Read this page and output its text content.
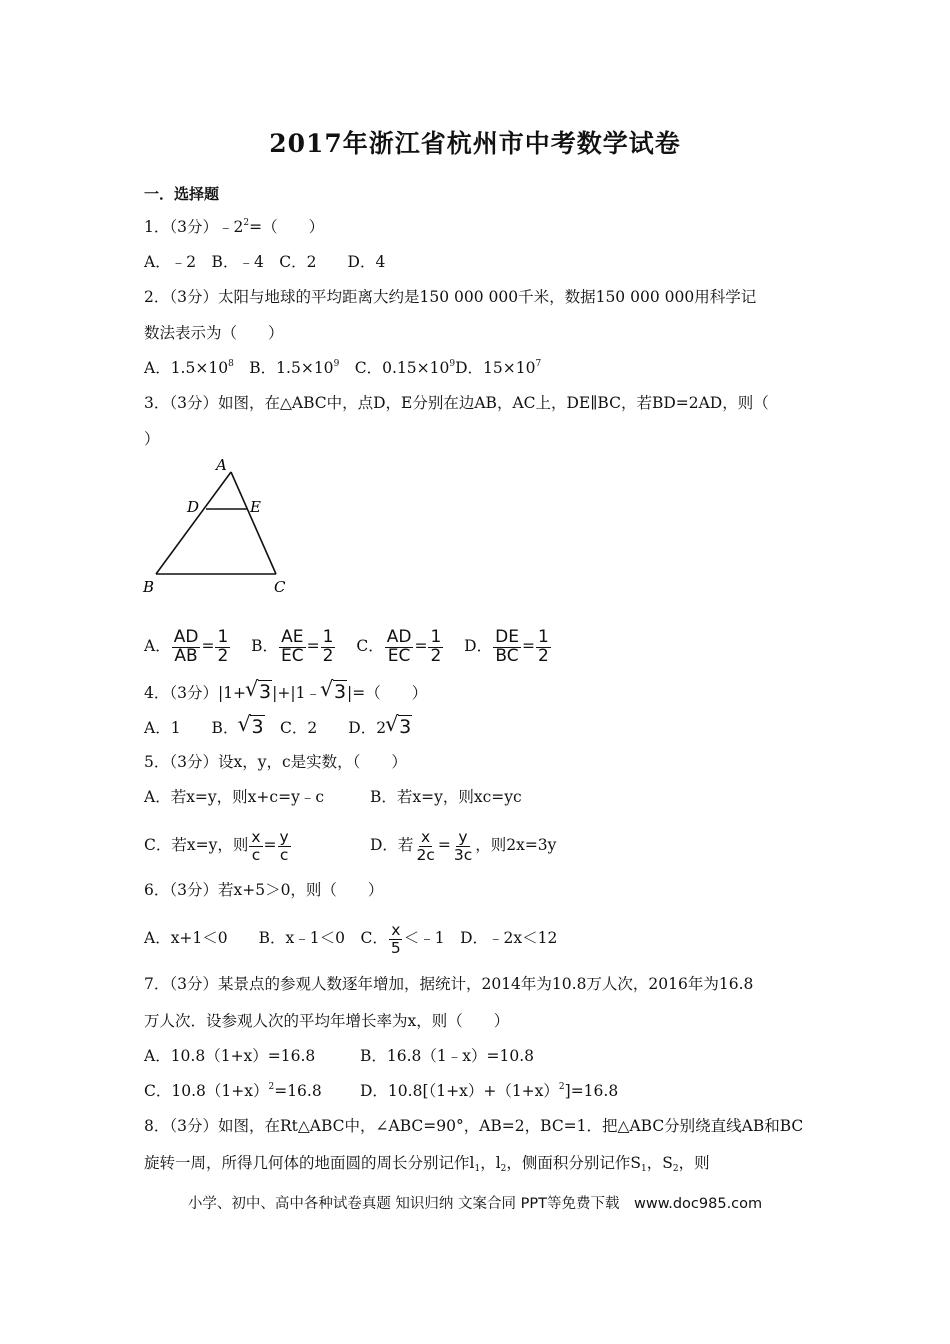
2017年浙江省杭州市中考数学试卷
一．选择题
1．（3分）$﹣2^2=$（　　）
A．﹣2　B．﹣4　C．2　　D．4
2．（3分）太阳与地球的平均距离大约是150 000 000千米，数据150 000 000用科学记
数法表示为（　　）
A．$1.5\times 10^8$　B．$1.5\times 10^9$　C．$0.15\times 10^9D$．$15\times 10^7$
3．（3分）如图，在△ABC中，点D，E分别在边AB，AC上，DE∥BC，若BD=2AD，则（
）
A
D	E
B	C
A． $\frac{AD}{AB} = \frac{1}{2}$ B． $\frac{AE}{EC} = \frac{1}{2}$ C． $\frac{AD}{EC} = \frac{1}{2}$ D． $\frac{DE}{BC} = \frac{1}{2}$
4．（3分）|1+ √ 3|+|1﹣ √ 3|=（　　）
A．1　　B． √ 3　C．2　　D．2 √ 3
5．（3分）设x，y，c是实数，（　　）
A．若x=y，则x+c=y﹣c	B．若x=y，则xc=yc
C．若x=y，则 $\frac{x}{c} = \frac{y}{c}$	D．若 $\frac{x}{2c} = \frac{y}{3c}$ ，则2x=3y
6．（3分）若x+5＞0，则（　　）
A．x+1＜0　　B．x﹣1＜0　C． $\frac{x}{5}$ ＜﹣1　D．﹣2x＜12
7．（3分）某景点的参观人数逐年增加，据统计，2014年为10.8万人次，2016年为16.8
万人次．设参观人次的平均年增长率为x，则（　　）
A．10.8（1+x）=16.8	B．16.8（1﹣x）=10.8
C．$10.8(1+x)^2=16.8$ D．$10.8[(1+x)+(1+x)^2]=16.8$
8．（3分）如图，在Rt△ABC中，∠ABC=90°，AB=2，BC=1．把△ABC分别绕直线AB和BC
旋转一周，所得几何体的地面圆的周长分别记作$l_1$，$l_2$，侧面积分别记作$S_1$，$S_2$，则
小学、初中、高中各种试卷真题 知识归纳 文案合同 PPT等免费下载　www.doc985.com
